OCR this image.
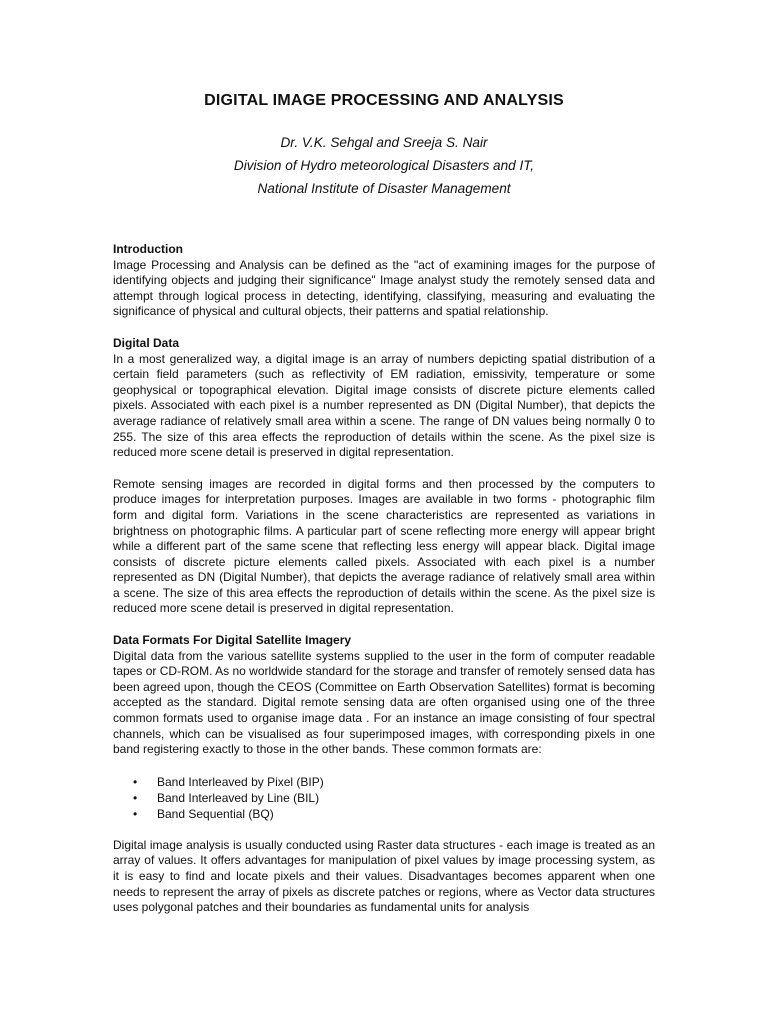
DIGITAL IMAGE PROCESSING AND ANALYSIS

Dr. V.K. Sehgal and Sreeja S. Nair

Division of Hydro meteorological Disasters and IT,

National Institute of Disaster Management

Introduction

Image Processing and Analysis can be defined as the "act of examining images for the purpose of identifying objects and judging their significance" Image analyst study the remotely sensed data and attempt through logical process in detecting, identifying, classifying, measuring and evaluating the significance of physical and cultural objects, their patterns and spatial relationship.

Digital Data

In a most generalized way, a digital image is an array of numbers depicting spatial distribution of a certain field parameters (such as reflectivity of EM radiation, emissivity, temperature or some geophysical or topographical elevation. Digital image consists of discrete picture elements called pixels. Associated with each pixel is a number represented as DN (Digital Number), that depicts the average radiance of relatively small area within a scene. The range of DN values being normally 0 to 255. The size of this area effects the reproduction of details within the scene. As the pixel size is reduced more scene detail is preserved in digital representation.

Remote sensing images are recorded in digital forms and then processed by the computers to produce images for interpretation purposes. Images are available in two forms - photographic film form and digital form. Variations in the scene characteristics are represented as variations in brightness on photographic films. A particular part of scene reflecting more energy will appear bright while a different part of the same scene that reflecting less energy will appear black. Digital image consists of discrete picture elements called pixels. Associated with each pixel is a number represented as DN (Digital Number), that depicts the average radiance of relatively small area within a scene. The size of this area effects the reproduction of details within the scene. As the pixel size is reduced more scene detail is preserved in digital representation.

Data Formats For Digital Satellite Imagery

Digital data from the various satellite systems supplied to the user in the form of computer readable tapes or CD-ROM. As no worldwide standard for the storage and transfer of remotely sensed data has been agreed upon, though the CEOS (Committee on Earth Observation Satellites) format is becoming accepted as the standard. Digital remote sensing data are often organised using one of the three common formats used to organise image data . For an instance an image consisting of four spectral channels, which can be visualised as four superimposed images, with corresponding pixels in one band registering exactly to those in the other bands. These common formats are:

• Band Interleaved by Pixel (BIP)
• Band Interleaved by Line (BIL)
• Band Sequential (BQ)

Digital image analysis is usually conducted using Raster data structures - each image is treated as an array of values. It offers advantages for manipulation of pixel values by image processing system, as it is easy to find and locate pixels and their values. Disadvantages becomes apparent when one needs to represent the array of pixels as discrete patches or regions, where as Vector data structures uses polygonal patches and their boundaries as fundamental units for analysis
